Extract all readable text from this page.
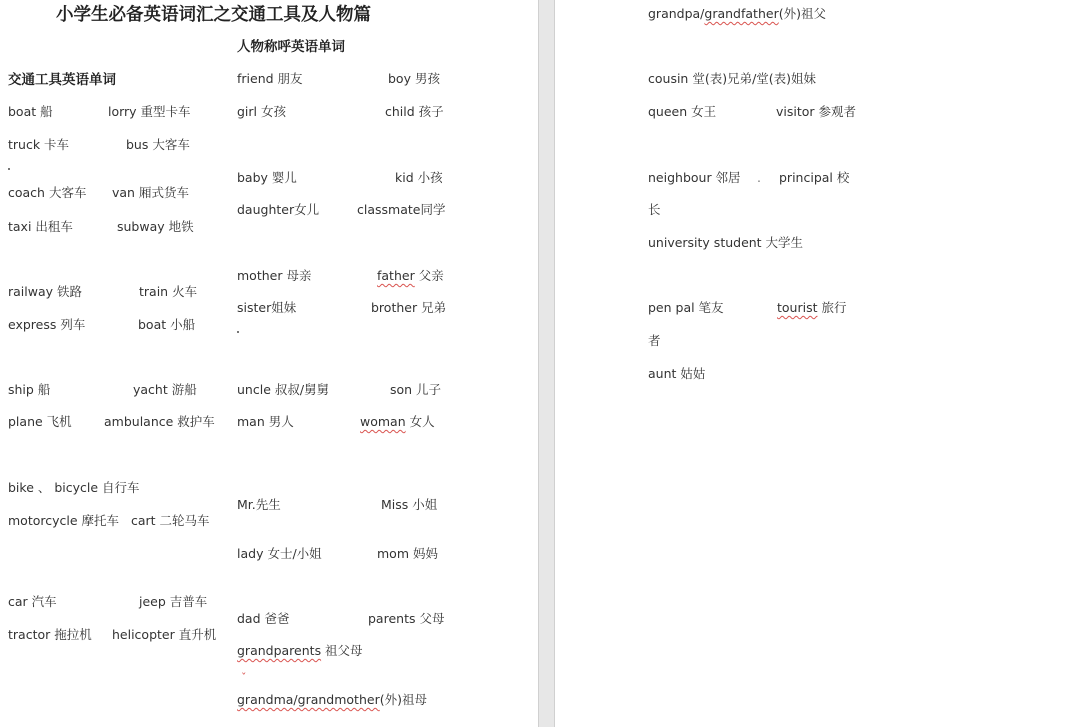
小学生必备英语词汇之交通工具及人物篇
人物称呼英语单词
交通工具英语单词
boat 船	lorry 重型卡车
truck 卡车	bus 大客车
coach 大客车 van 厢式货车
taxi 出租车	subway 地铁
railway 铁路	train 火车
express 列车	boat 小船
ship 船	yacht 游船
plane 飞机	ambulance 救护车
bike 、 bicycle 自行车
motorcycle 摩托车 cart 二轮马车
car 汽车	jeep 吉普车
tractor 拖拉机 helicopter 直升机
friend 朋友	boy 男孩
girl 女孩	child 孩子
baby 婴儿	kid 小孩
daughter女儿	classmate同学
mother 母亲	father 父亲
sister姐妹	brother 兄弟
uncle 叔叔/舅舅	son 儿子
man 男人	woman 女人
Mr.先生	Miss 小姐
lady 女士/小姐	mom 妈妈
dad 爸爸	parents 父母
grandparents 祖父母
ˇ
grandma/grandmother(外)祖母
grandpa/grandfather(外)祖父
cousin 堂(表)兄弟/堂(表)姐妹
queen 女王	visitor 参观者
neighbour 邻居 . principal 校
长
university student 大学生
pen pal 笔友	tourist 旅行
者
aunt 姑姑
